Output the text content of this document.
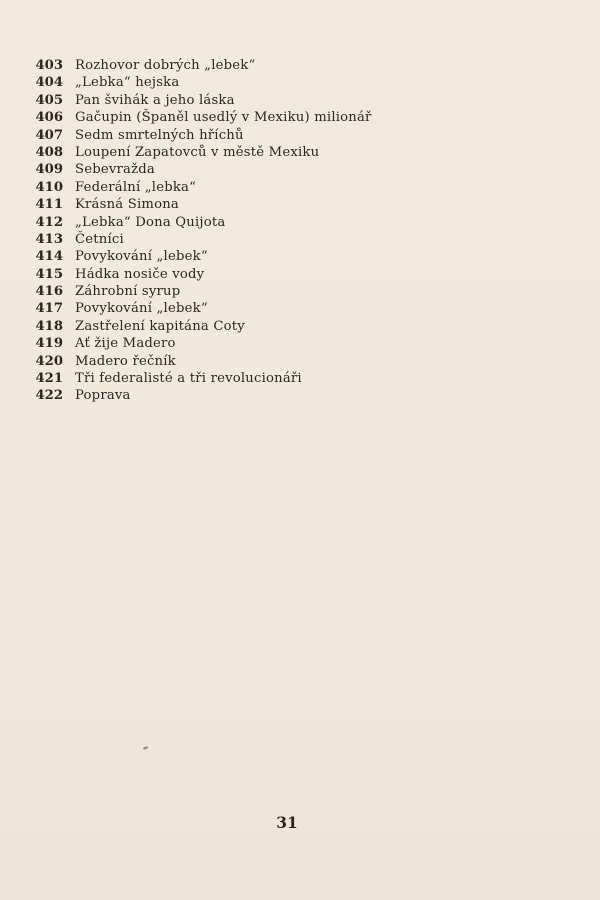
403 Rozhovor dobrých „lebek“
404 „Lebka“ hejska
405 Pan švihák a jeho láska
406 Gačupin (Španěl usedlý v Mexiku) milionář
407 Sedm smrtelných hříchů
408 Loupení Zapatovců v městě Mexiku
409 Sebevražda
410 Federální „lebka“
411 Krásná Simona
412 „Lebka“ Dona Quijota
413 Četníci
414 Povykování „lebek“
415 Hádka nosiče vody
416 Záhrobní syrup
417 Povykování „lebek“
418 Zastřelení kapitána Coty
419 Ať žije Madero
420 Madero řečník
421 Tři federalisté a tři revolucionáři
422 Poprava
31
